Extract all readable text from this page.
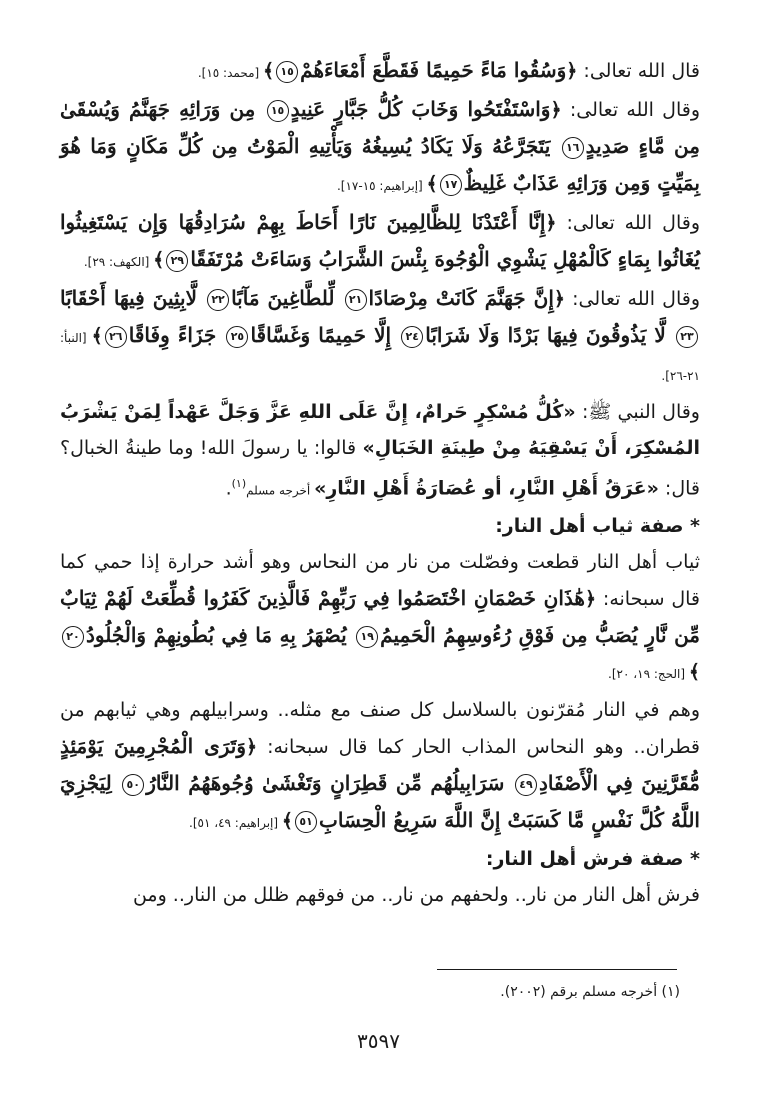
قال الله تعالى: ﴿وَسُقُوا مَاءً حَمِيمًا فَقَطَّعَ أَمْعَاءَهُمْ١٥﴾ [محمد: ١٥].

وقال الله تعالى: ﴿وَاسْتَفْتَحُوا وَخَابَ كُلُّ جَبَّارٍ عَنِيدٍ١٥ مِن وَرَائِهِ جَهَنَّمُ وَيُسْقَىٰ مِن مَّاءٍ صَدِيدٍ١٦ يَتَجَرَّعُهُ وَلَا يَكَادُ يُسِيغُهُ وَيَأْتِيهِ الْمَوْتُ مِن كُلِّ مَكَانٍ وَمَا هُوَ بِمَيِّتٍ وَمِن وَرَائِهِ عَذَابٌ غَلِيظٌ١٧﴾ [إبراهيم: ١٥-١٧].

وقال الله تعالى: ﴿إِنَّا أَعْتَدْنَا لِلظَّالِمِينَ نَارًا أَحَاطَ بِهِمْ سُرَادِقُهَا وَإِن يَسْتَغِيثُوا يُغَاثُوا بِمَاءٍ كَالْمُهْلِ يَشْوِي الْوُجُوهَ بِئْسَ الشَّرَابُ وَسَاءَتْ مُرْتَفَقًا٢٩﴾ [الكهف: ٢٩].

وقال الله تعالى: ﴿إِنَّ جَهَنَّمَ كَانَتْ مِرْصَادًا٢١ لِّلطَّاغِينَ مَآبًا٢٢ لَّابِثِينَ فِيهَا أَحْقَابًا٢٣ لَّا يَذُوقُونَ فِيهَا بَرْدًا وَلَا شَرَابًا٢٤ إِلَّا حَمِيمًا وَغَسَّاقًا٢٥ جَزَاءً وِفَاقًا٢٦﴾ [النبأ: ٢١-٢٦].

وقال النبي ﷺ: «كُلُّ مُسْكِرٍ حَرامٌ، إِنَّ عَلَى اللهِ عَزَّ وَجَلَّ عَهْداً لِمَنْ يَشْرَبُ المُسْكِرَ، أَنْ يَسْقِيَهُ مِنْ طِينَةِ الخَبَالِ» قالوا: يا رسولَ الله! وما طينةُ الخبال؟ قال: «عَرَقُ أَهْلِ النَّارِ، أو عُصَارَةُ أَهْلِ النَّارِ» أخرجه مسلم$^{(١)}$.

* صفة ثياب أهل النار:

ثياب أهل النار قطعت وفصّلت من نار من النحاس وهو أشد حرارة إذا حمي كما قال سبحانه: ﴿هَٰذَانِ خَصْمَانِ اخْتَصَمُوا فِي رَبِّهِمْ فَالَّذِينَ كَفَرُوا قُطِّعَتْ لَهُمْ ثِيَابٌ مِّن نَّارٍ يُصَبُّ مِن فَوْقِ رُءُوسِهِمُ الْحَمِيمُ١٩ يُصْهَرُ بِهِ مَا فِي بُطُونِهِمْ وَالْجُلُودُ٢٠﴾ [الحج: ١٩، ٢٠].

وهم في النار مُقرّنون بالسلاسل كل صنف مع مثله.. وسرابيلهم وهي ثيابهم من قطران.. وهو النحاس المذاب الحار كما قال سبحانه: ﴿وَتَرَى الْمُجْرِمِينَ يَوْمَئِذٍ مُّقَرَّنِينَ فِي الْأَصْفَادِ٤٩ سَرَابِيلُهُم مِّن قَطِرَانٍ وَتَغْشَىٰ وُجُوهَهُمُ النَّارُ٥٠ لِيَجْزِيَ اللَّهُ كُلَّ نَفْسٍ مَّا كَسَبَتْ إِنَّ اللَّهَ سَرِيعُ الْحِسَابِ٥١﴾ [إبراهيم: ٤٩، ٥١].

* صفة فرش أهل النار:

فرش أهل النار من نار.. ولحفهم من نار.. من فوقهم ظلل من النار.. ومن

(١) أخرجه مسلم برقم (٢٠٠٢).
٣٥٩٧
